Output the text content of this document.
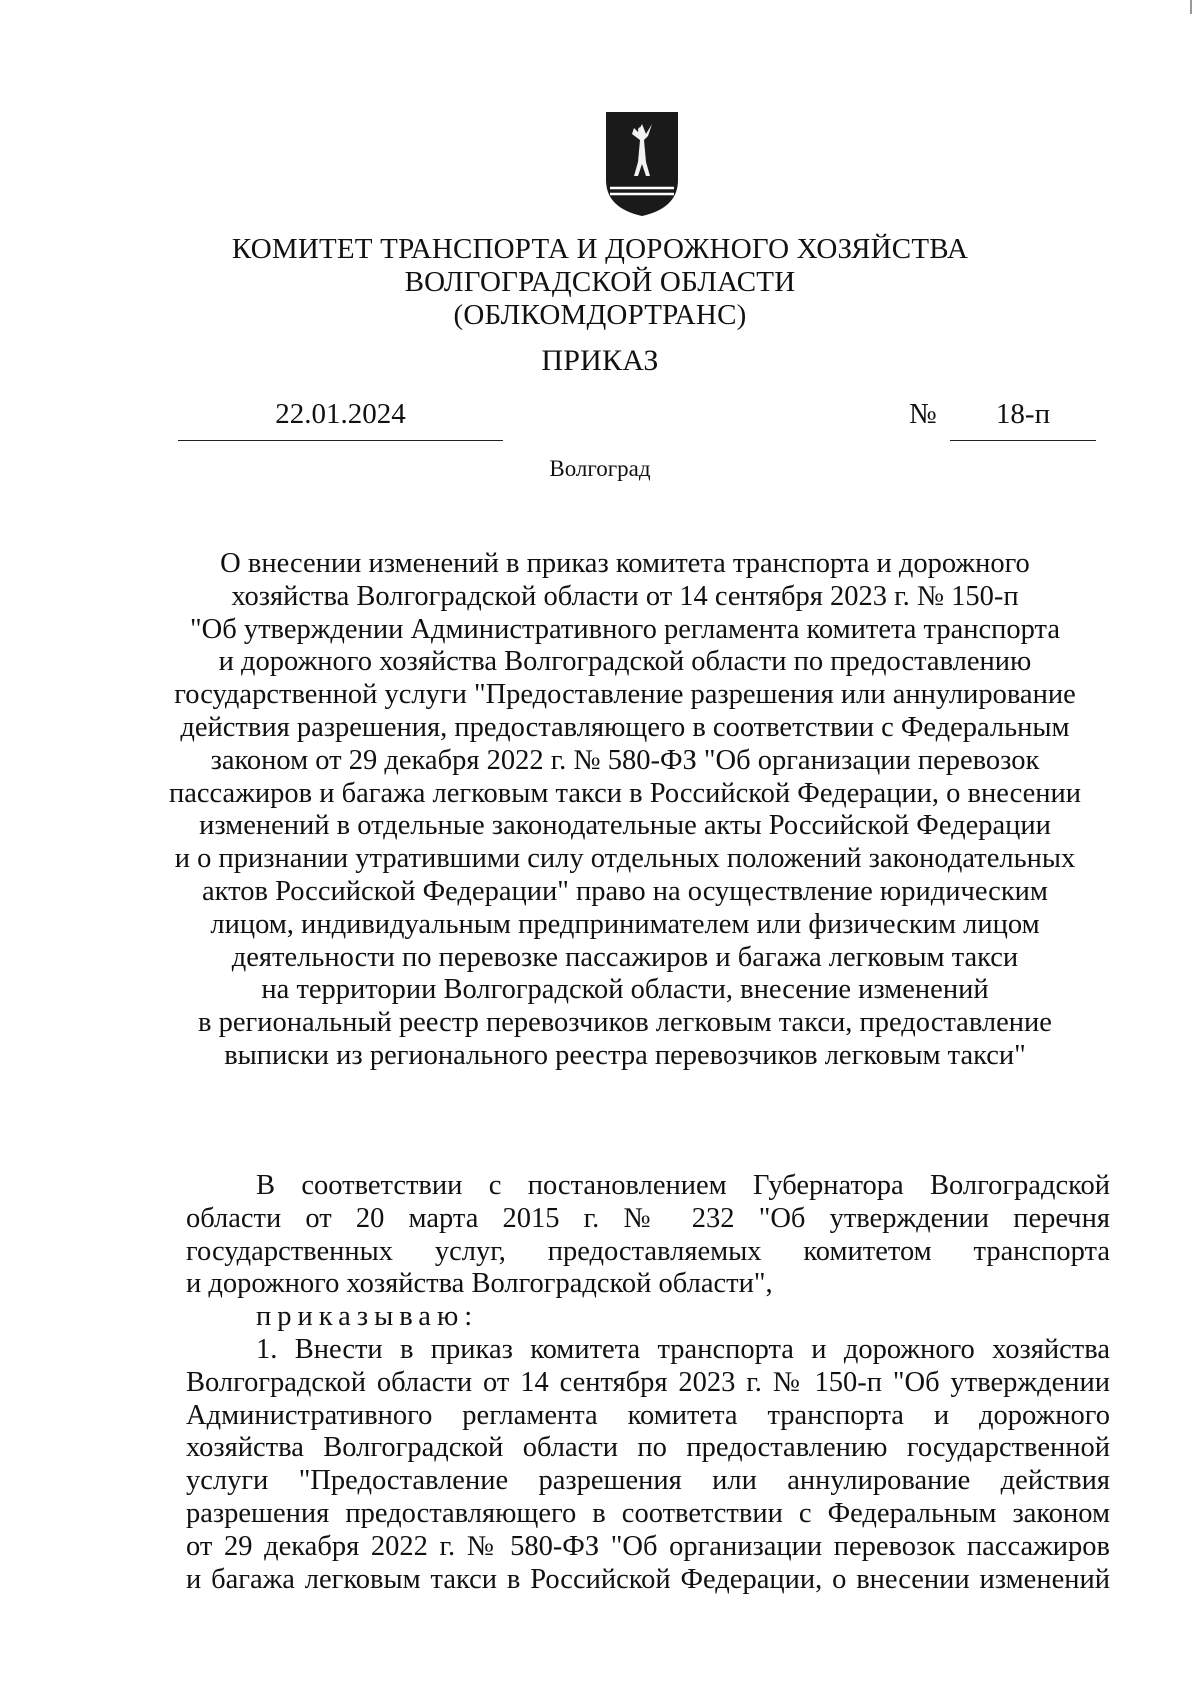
КОМИТЕТ ТРАНСПОРТА И ДОРОЖНОГО ХОЗЯЙСТВА
ВОЛГОГРАДСКОЙ ОБЛАСТИ
(ОБЛКОМДОРТРАНС)
ПРИКАЗ
22.01.2024	№	18-п
Волгоград
О внесении изменений в приказ комитета транспорта и дорожного
хозяйства Волгоградской области от 14 сентября 2023 г. № 150-п
"Об утверждении Административного регламента комитета транспорта
и дорожного хозяйства Волгоградской области по предоставлению
государственной услуги "Предоставление разрешения или аннулирование
действия разрешения, предоставляющего в соответствии с Федеральным
законом от 29 декабря 2022 г. № 580-ФЗ "Об организации перевозок
пассажиров и багажа легковым такси в Российской Федерации, о внесении
изменений в отдельные законодательные акты Российской Федерации
и о признании утратившими силу отдельных положений законодательных
актов Российской Федерации" право на осуществление юридическим
лицом, индивидуальным предпринимателем или физическим лицом
деятельности по перевозке пассажиров и багажа легковым такси
на территории Волгоградской области, внесение изменений
в региональный реестр перевозчиков легковым такси, предоставление
выписки из регионального реестра перевозчиков легковым такси"
В соответствии с постановлением Губернатора Волгоградской
области от 20 марта 2015 г. № 232 "Об утверждении перечня
государственных услуг, предоставляемых комитетом транспорта
и дорожного хозяйства Волгоградской области",
приказываю:
1. Внести в приказ комитета транспорта и дорожного хозяйства
Волгоградской области от 14 сентября 2023 г. № 150-п "Об утверждении
Административного регламента комитета транспорта и дорожного
хозяйства Волгоградской области по предоставлению государственной
услуги "Предоставление разрешения или аннулирование действия
разрешения предоставляющего в соответствии с Федеральным законом
от 29 декабря 2022 г. № 580-ФЗ "Об организации перевозок пассажиров
и багажа легковым такси в Российской Федерации, о внесении изменений
